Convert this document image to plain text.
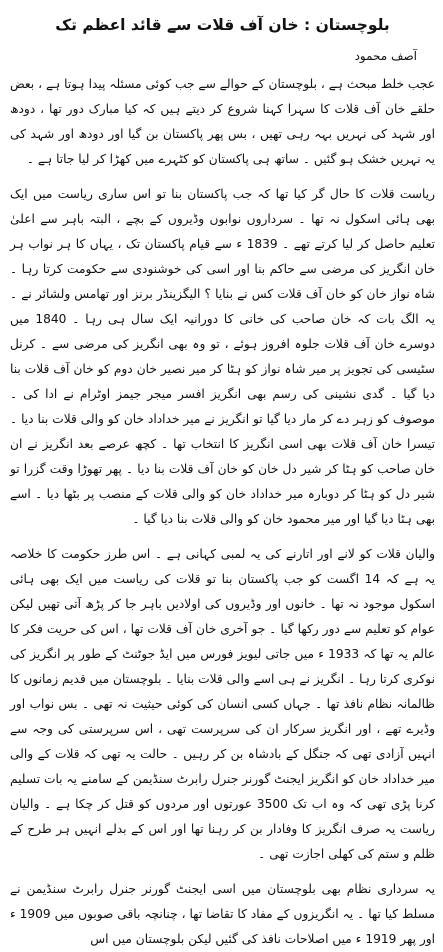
بلوچستان : خان آف قلات سے قائد اعظم تک
آصف محمود

عجب خلط مبحث ہے ، بلوچستان کے حوالے سے جب کوئی مسئلہ پیدا ہوتا ہے ، بعض حلقے خان آف قلات کا سہرا کہنا شروع کر دیتے ہیں کہ کیا مبارک دور تھا ، دودھ اور شہد کی نہریں بہہ رہی تھیں ، بس پھر پاکستان بن گیا اور دودھ اور شہد کی یہ نہریں خشک ہو گئیں ۔ ساتھ ہی پاکستان کو کٹہرے میں کھڑا کر لیا جاتا ہے ۔

ریاست قلات کا حال گر کیا تھا کہ جب پاکستان بنا تو اس ساری ریاست میں ایک بھی ہائی اسکول نہ تھا ۔ سرداروں نوابوں وڈیروں کے بچے ، البتہ باہر سے اعلیٰ تعلیم حاصل کر لیا کرتے تھے ۔ 1839 ء سے قیام پاکستان تک ، یہاں کا ہر نواب ہر خان انگریز کی مرضی سے حاکم بنا اور اسی کی خوشنودی سے حکومت کرتا رہا ۔ شاہ نواز خان کو خان آف قلات کس نے بنایا ؟ الیگزینڈر برنز اور تھامس ولشائر نے ۔ یہ الگ بات کہ خان صاحب کی خانی کا دورانیہ ایک سال ہی رہا ۔ 1840 میں دوسرے خان آف قلات جلوہ افروز ہوئے ، تو وہ بھی انگریز کی مرضی سے ۔ کرنل سٹیسی کی تجویز پر میر شاہ نواز کو ہٹا کر میر نصیر خان دوم کو خان آف قلات بنا دیا گیا ۔ گدی نشینی کی رسم بھی انگریز افسر میجر جیمز اوٹرام نے ادا کی ۔ موصوف کو زہر دے کر مار دیا گیا تو انگریز نے میر خداداد خان کو والی قلات بنا دیا ۔ تیسرا خان آف قلات بھی اسی انگریز کا انتخاب تھا ۔ کچھ عرصے بعد انگریز نے ان خان صاحب کو ہٹا کر شیر دل خان کو خان آف قلات بنا دیا ۔ پھر تھوڑا وقت گزرا تو شیر دل کو ہٹا کر دوبارہ میر خداداد خان کو والی قلات کے منصب پر بٹھا دیا ۔ اسے بھی ہٹا دیا گیا اور میر محمود خان کو والی قلات بنا دیا گیا ۔

والیان قلات کو لانے اور اتارنے کی یہ لمبی کہانی ہے ۔ اس طرز حکومت کا خلاصہ یہ ہے کہ 14 اگست کو جب پاکستان بنا تو قلات کی ریاست میں ایک بھی ہائی اسکول موجود نہ تھا ۔ خانوں اور وڈیروں کی اولادیں باہر جا کر پڑھ آتی تھیں لیکن عوام کو تعلیم سے دور رکھا گیا ۔ جو آخری خان آف قلات تھا ، اس کی حریت فکر کا عالم یہ تھا کہ 1933 ء میں جاتی لیویز فورس میں ایڈ جوٹنٹ کے طور پر انگریز کی نوکری کرتا رہا ۔ انگریز نے ہی اسے والی قلات بنایا ۔ بلوچستان میں قدیم زمانوں کا ظالمانہ نظام نافذ تھا ۔ جہاں کسی انسان کی کوئی حیثیت نہ تھی ۔ بس نواب اور وڈیرے تھے ، اور انگریز سرکار ان کی سرپرست تھی ، اس سرپرستی کی وجہ سے انہیں آزادی تھی کہ جنگل کے بادشاہ بن کر رہیں ۔ حالت یہ تھی کہ قلات کے والی میر خداداد خان کو انگریز ایجنٹ گورنر جنرل رابرٹ سنڈیمن کے سامنے یہ بات تسلیم کرنا پڑی تھی کہ وہ اب تک 3500 عورتوں اور مردوں کو قتل کر چکا ہے ۔ والیان ریاست یہ صرف انگریز کا وفادار بن کر رہنا تھا اور اس کے بدلے انہیں ہر طرح کے ظلم و ستم کی کھلی اجازت تھی ۔

یہ سرداری نظام بھی بلوچستان میں اسی ایجنٹ گورنر جنرل رابرٹ سنڈیمن نے مسلط کیا تھا ۔ یہ انگریزوں کے مفاد کا تقاضا تھا ، چنانچہ باقی صوبوں میں 1909 ء اور پھر 1919 ء میں اصلاحات نافذ کی گئیں لیکن بلوچستان میں اس
